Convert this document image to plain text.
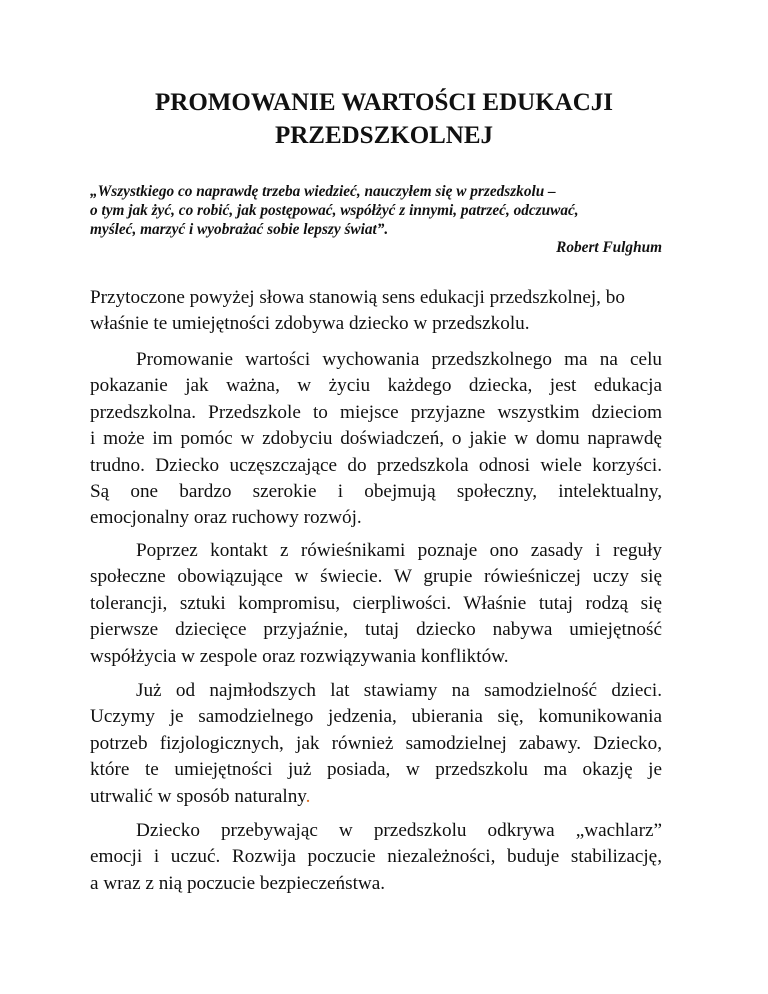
PROMOWANIE WARTOŚCI EDUKACJI
PRZEDSZKOLNEJ
„Wszystkiego co naprawdę trzeba wiedzieć, nauczyłem się w przedszkolu –
o tym jak żyć, co robić, jak postępować, współżyć z innymi, patrzeć, odczuwać,
myśleć, marzyć i wyobrażać sobie lepszy świat”.
Robert Fulghum
Przytoczone powyżej słowa stanowią sens edukacji przedszkolnej, bo
właśnie te umiejętności zdobywa dziecko w przedszkolu.
Promowanie wartości wychowania przedszkolnego ma na celu
pokazanie jak ważna, w życiu każdego dziecka, jest edukacja
przedszkolna. Przedszkole to miejsce przyjazne wszystkim dzieciom
i może im pomóc w zdobyciu doświadczeń, o jakie w domu naprawdę
trudno. Dziecko uczęszczające do przedszkola odnosi wiele korzyści.
Są one bardzo szerokie i obejmują społeczny, intelektualny,
emocjonalny oraz ruchowy rozwój.
Poprzez kontakt z rówieśnikami poznaje ono zasady i reguły
społeczne obowiązujące w świecie. W grupie rówieśniczej uczy się
tolerancji, sztuki kompromisu, cierpliwości. Właśnie tutaj rodzą się
pierwsze dziecięce przyjaźnie, tutaj dziecko nabywa umiejętność
współżycia w zespole oraz rozwiązywania konfliktów.
Już od najmłodszych lat stawiamy na samodzielność dzieci.
Uczymy je samodzielnego jedzenia, ubierania się, komunikowania
potrzeb fizjologicznych, jak również samodzielnej zabawy. Dziecko,
które te umiejętności już posiada, w przedszkolu ma okazję je
utrwalić w sposób naturalny.
Dziecko przebywając w przedszkolu odkrywa „wachlarz”
emocji i uczuć. Rozwija poczucie niezależności, buduje stabilizację,
a wraz z nią poczucie bezpieczeństwa.
